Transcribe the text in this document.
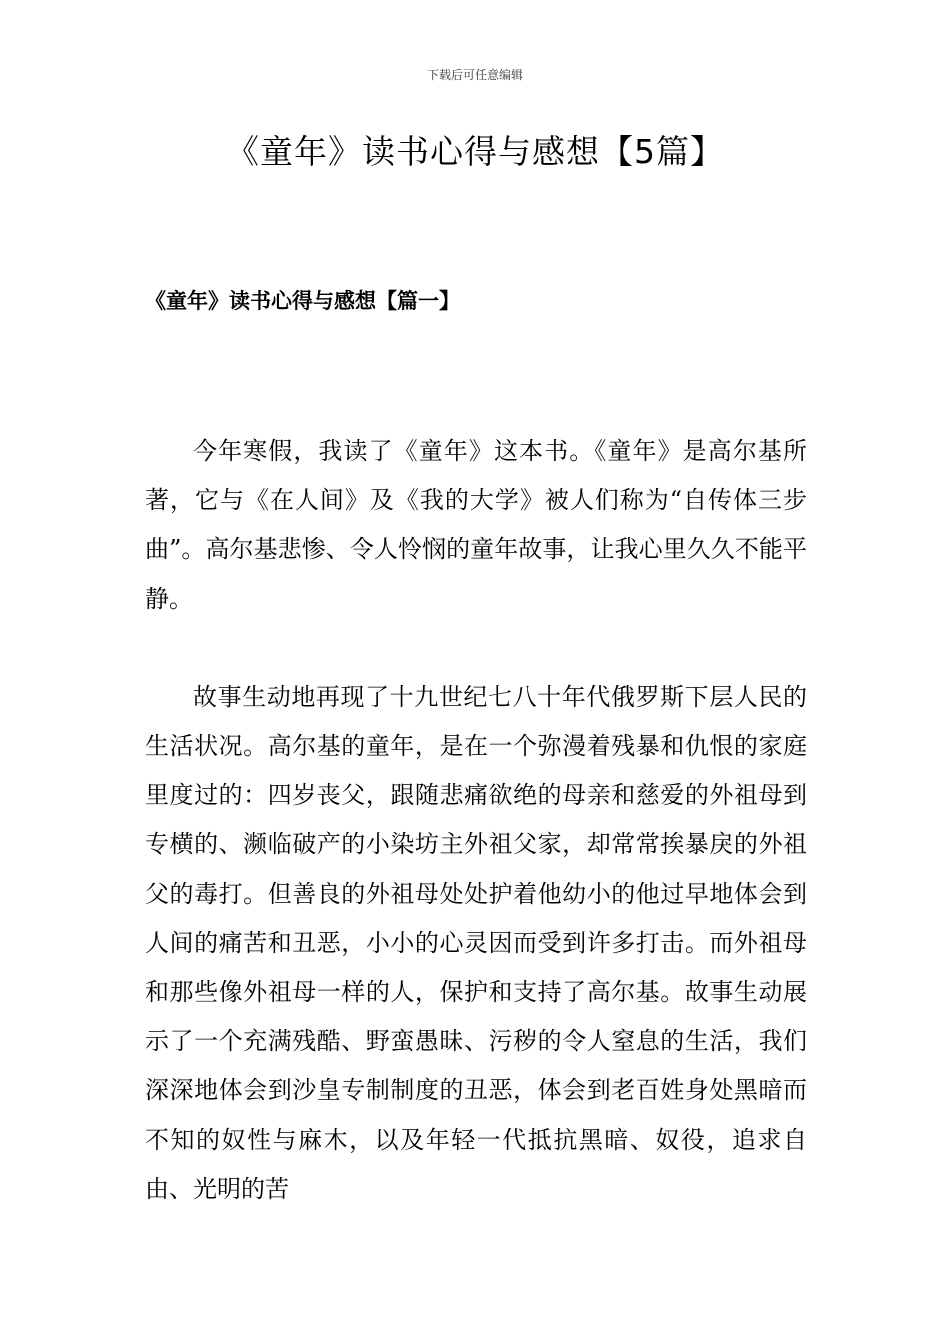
下载后可任意编辑
《童年》读书心得与感想【5篇】
《童年》读书心得与感想【篇一】

今年寒假，我读了《童年》这本书。《童年》是高尔基所著，它与《在人间》及《我的大学》被人们称为“自传体三步曲”。高尔基悲惨、令人怜悯的童年故事，让我心里久久不能平静。

故事生动地再现了十九世纪七八十年代俄罗斯下层人民的生活状况。高尔基的童年，是在一个弥漫着残暴和仇恨的家庭里度过的：四岁丧父，跟随悲痛欲绝的母亲和慈爱的外祖母到专横的、濒临破产的小染坊主外祖父家，却常常挨暴戾的外祖父的毒打。但善良的外祖母处处护着他幼小的他过早地体会到人间的痛苦和丑恶，小小的心灵因而受到许多打击。而外祖母和那些像外祖母一样的人，保护和支持了高尔基。故事生动展示了一个充满残酷、野蛮愚昧、污秽的令人窒息的生活，我们深深地体会到沙皇专制制度的丑恶，体会到老百姓身处黑暗而不知的奴性与麻木，以及年轻一代抵抗黑暗、奴役，追求自由、光明的苦
